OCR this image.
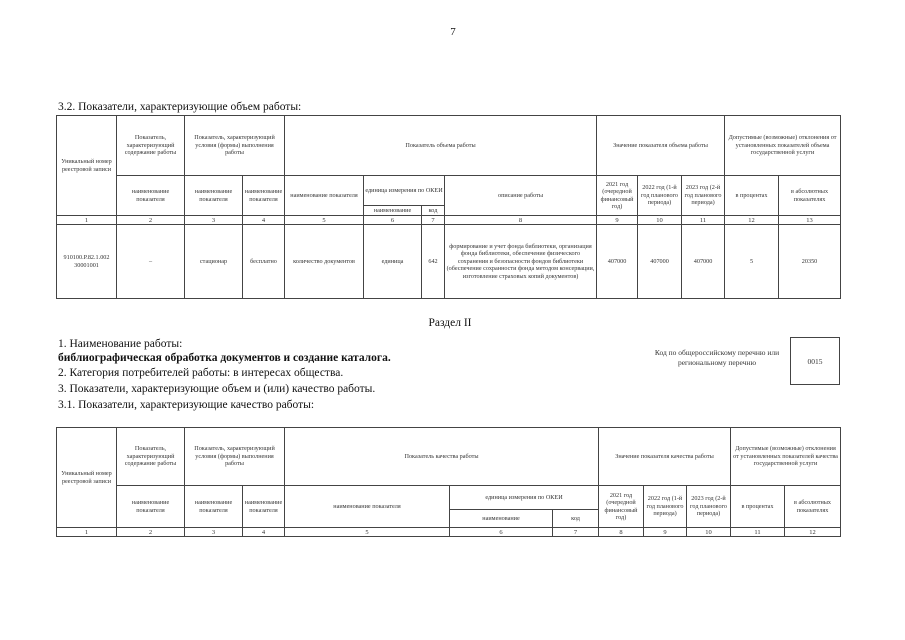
7
3.2. Показатели, характеризующие объем работы:
Уникальный номер реестровой записи	Показатель, характеризующий содержание работы	Показатель, характеризующий условия (формы) выполнения работы		Показатель объема работы				Значение показателя объема работы			Допустимые (возможные) отклонения от установленных показателей объема государственной услуги	
	наименование показателя	наименование показателя	наименование показателя	наименование показателя	единица измерения по ОКЕИ		описание работы	2021 год (очередной финансовый год)	2022 год (1-й год планового периода)	2023 год (2-й год планового периода)	в процентах	в абсолютных показателях
					наименование	код						
1	2	3	4	5	6	7	8	9	10	11	12	13
910100.Р.82.1.002 30001001	–	стационар	бесплатно	количество документов	единица	642	формирование и учет фонда библиотеки, организация фонда библиотеки, обеспечение физического сохранения и безопасности фондов библиотеки (обеспечение сохранности фонда методом консервации, изготовление страховых копий документов)	407000	407000	407000	5	20350
Раздел II
1. Наименование работы:
библиографическая обработка документов и создание каталога.
2. Категория потребителей работы: в интересах общества.
3. Показатели, характеризующие объем и (или) качество работы.
3.1. Показатели, характеризующие качество работы:
Код по общероссийскому перечню или региональному перечню	0015
Уникальный номер реестровой записи	Показатель, характеризующий содержание работы	Показатель, характеризующий условия (формы) выполнения работы		Показатель качества работы			Значение показателя качества работы			Допустимые (возможные) отклонения от установленных показателей качества государственной услуги	
	наименование показателя	наименование показателя	наименование показателя	наименование показателя	единица измерения по ОКЕИ		2021 год (очередной финансовый год)	2022 год (1-й год планового периода)	2023 год (2-й год планового периода)	в процентах	в абсолютных показателях
					наименование	код					
1	2	3	4	5	6	7	8	9	10	11	12
